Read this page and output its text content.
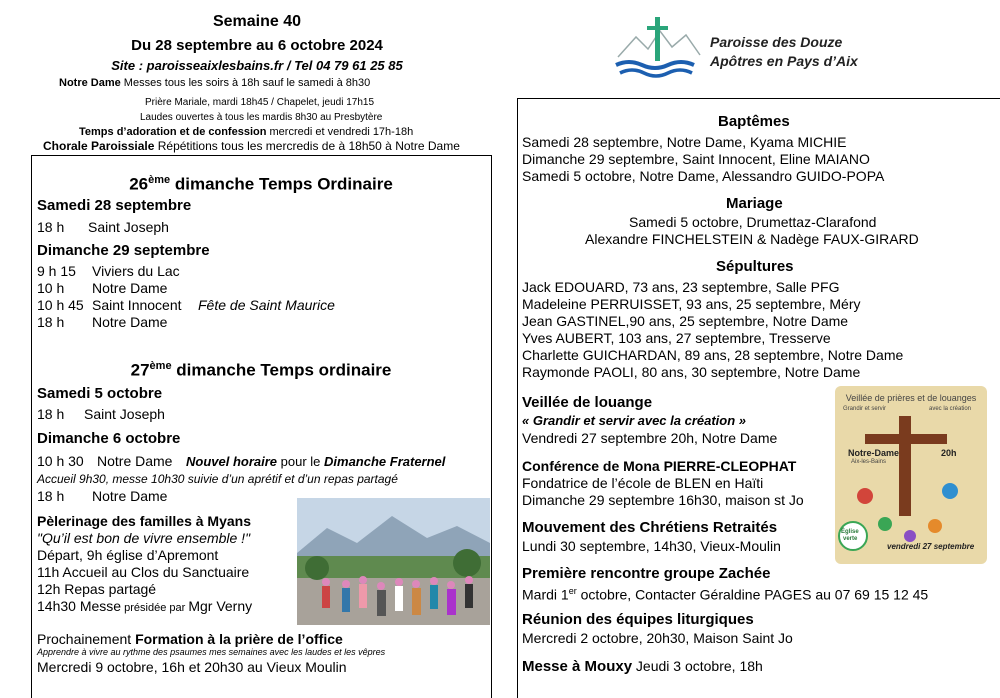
Semaine 40
Du 28 septembre au 6 octobre 2024
Site : paroisseaixlesbains.fr / Tel 04 79 61 25 85
Notre Dame Messes tous les soirs à 18h sauf le samedi à 8h30
Prière Mariale, mardi 18h45 / Chapelet, jeudi 17h15
Laudes ouvertes à tous les mardis 8h30 au Presbytère
Temps d’adoration et de confession mercredi et vendredi 17h-18h
Chorale Paroissiale Répétitions tous les mercredis de à 18h50 à Notre Dame
Paroisse des Douze
Apôtres en Pays d’Aix
26ème dimanche Temps Ordinaire
Samedi 28 septembre
18 h Saint Joseph
Dimanche 29 septembre
9 h 15 Viviers du Lac
10 h Notre Dame
10 h 45 Saint Innocent Fête de Saint Maurice
18 h Notre Dame
27ème dimanche Temps ordinaire
Samedi 5 octobre
18 h Saint Joseph
Dimanche 6 octobre
10 h 30 Notre Dame Nouvel horaire pour le Dimanche Fraternel
Accueil 9h30, messe 10h30 suivie d’un aprétif et d’un repas partagé
18 h Notre Dame
Pèlerinage des familles à Myans
"Qu’il est bon de vivre ensemble !"
Départ, 9h église d’Apremont
11h Accueil au Clos du Sanctuaire
12h Repas partagé
14h30 Messe présidée par Mgr Verny
Prochainement Formation à la prière de l’office
Apprendre à vivre au rythme des psaumes mes semaines avec les laudes et les vêpres
Mercredi 9 octobre, 16h et 20h30 au Vieux Moulin
Baptêmes
Samedi 28 septembre, Notre Dame, Kyama MICHIE
Dimanche 29 septembre, Saint Innocent, Eline MAIANO
Samedi 5 octobre, Notre Dame, Alessandro GUIDO-POPA
Mariage
Samedi 5 octobre, Drumettaz-Clarafond
Alexandre FINCHELSTEIN & Nadège FAUX-GIRARD
Sépultures
Jack EDOUARD, 73 ans, 23 septembre, Salle PFG
Madeleine PERRUISSET, 93 ans, 25 septembre, Méry
Jean GASTINEL,90 ans, 25 septembre, Notre Dame
Yves AUBERT, 103 ans, 27 septembre, Tresserve
Charlette GUICHARDAN, 89 ans, 28 septembre, Notre Dame
Raymonde PAOLI, 80 ans, 30 septembre, Notre Dame
Veillée de louange
« Grandir et servir avec la création »
Vendredi 27 septembre 20h, Notre Dame
Conférence de Mona PIERRE-CLEOPHAT
Fondatrice de l’école de BLEN en Haïti
Dimanche 29 septembre 16h30, maison st Jo
Mouvement des Chrétiens Retraités
Lundi 30 septembre, 14h30, Vieux-Moulin
Première rencontre groupe Zachée
Mardi 1er octobre, Contacter Géraldine PAGES au 07 69 15 12 45
Réunion des équipes liturgiques
Mercredi 2 octobre, 20h30, Maison Saint Jo
Messe à Mouxy Jeudi 3 octobre, 18h
Veillée de prières et de louanges
Grandir et servir	avec la création
Notre-Dame
Aix-les-Bains
20h
Église
verte
vendredi 27 septembre
